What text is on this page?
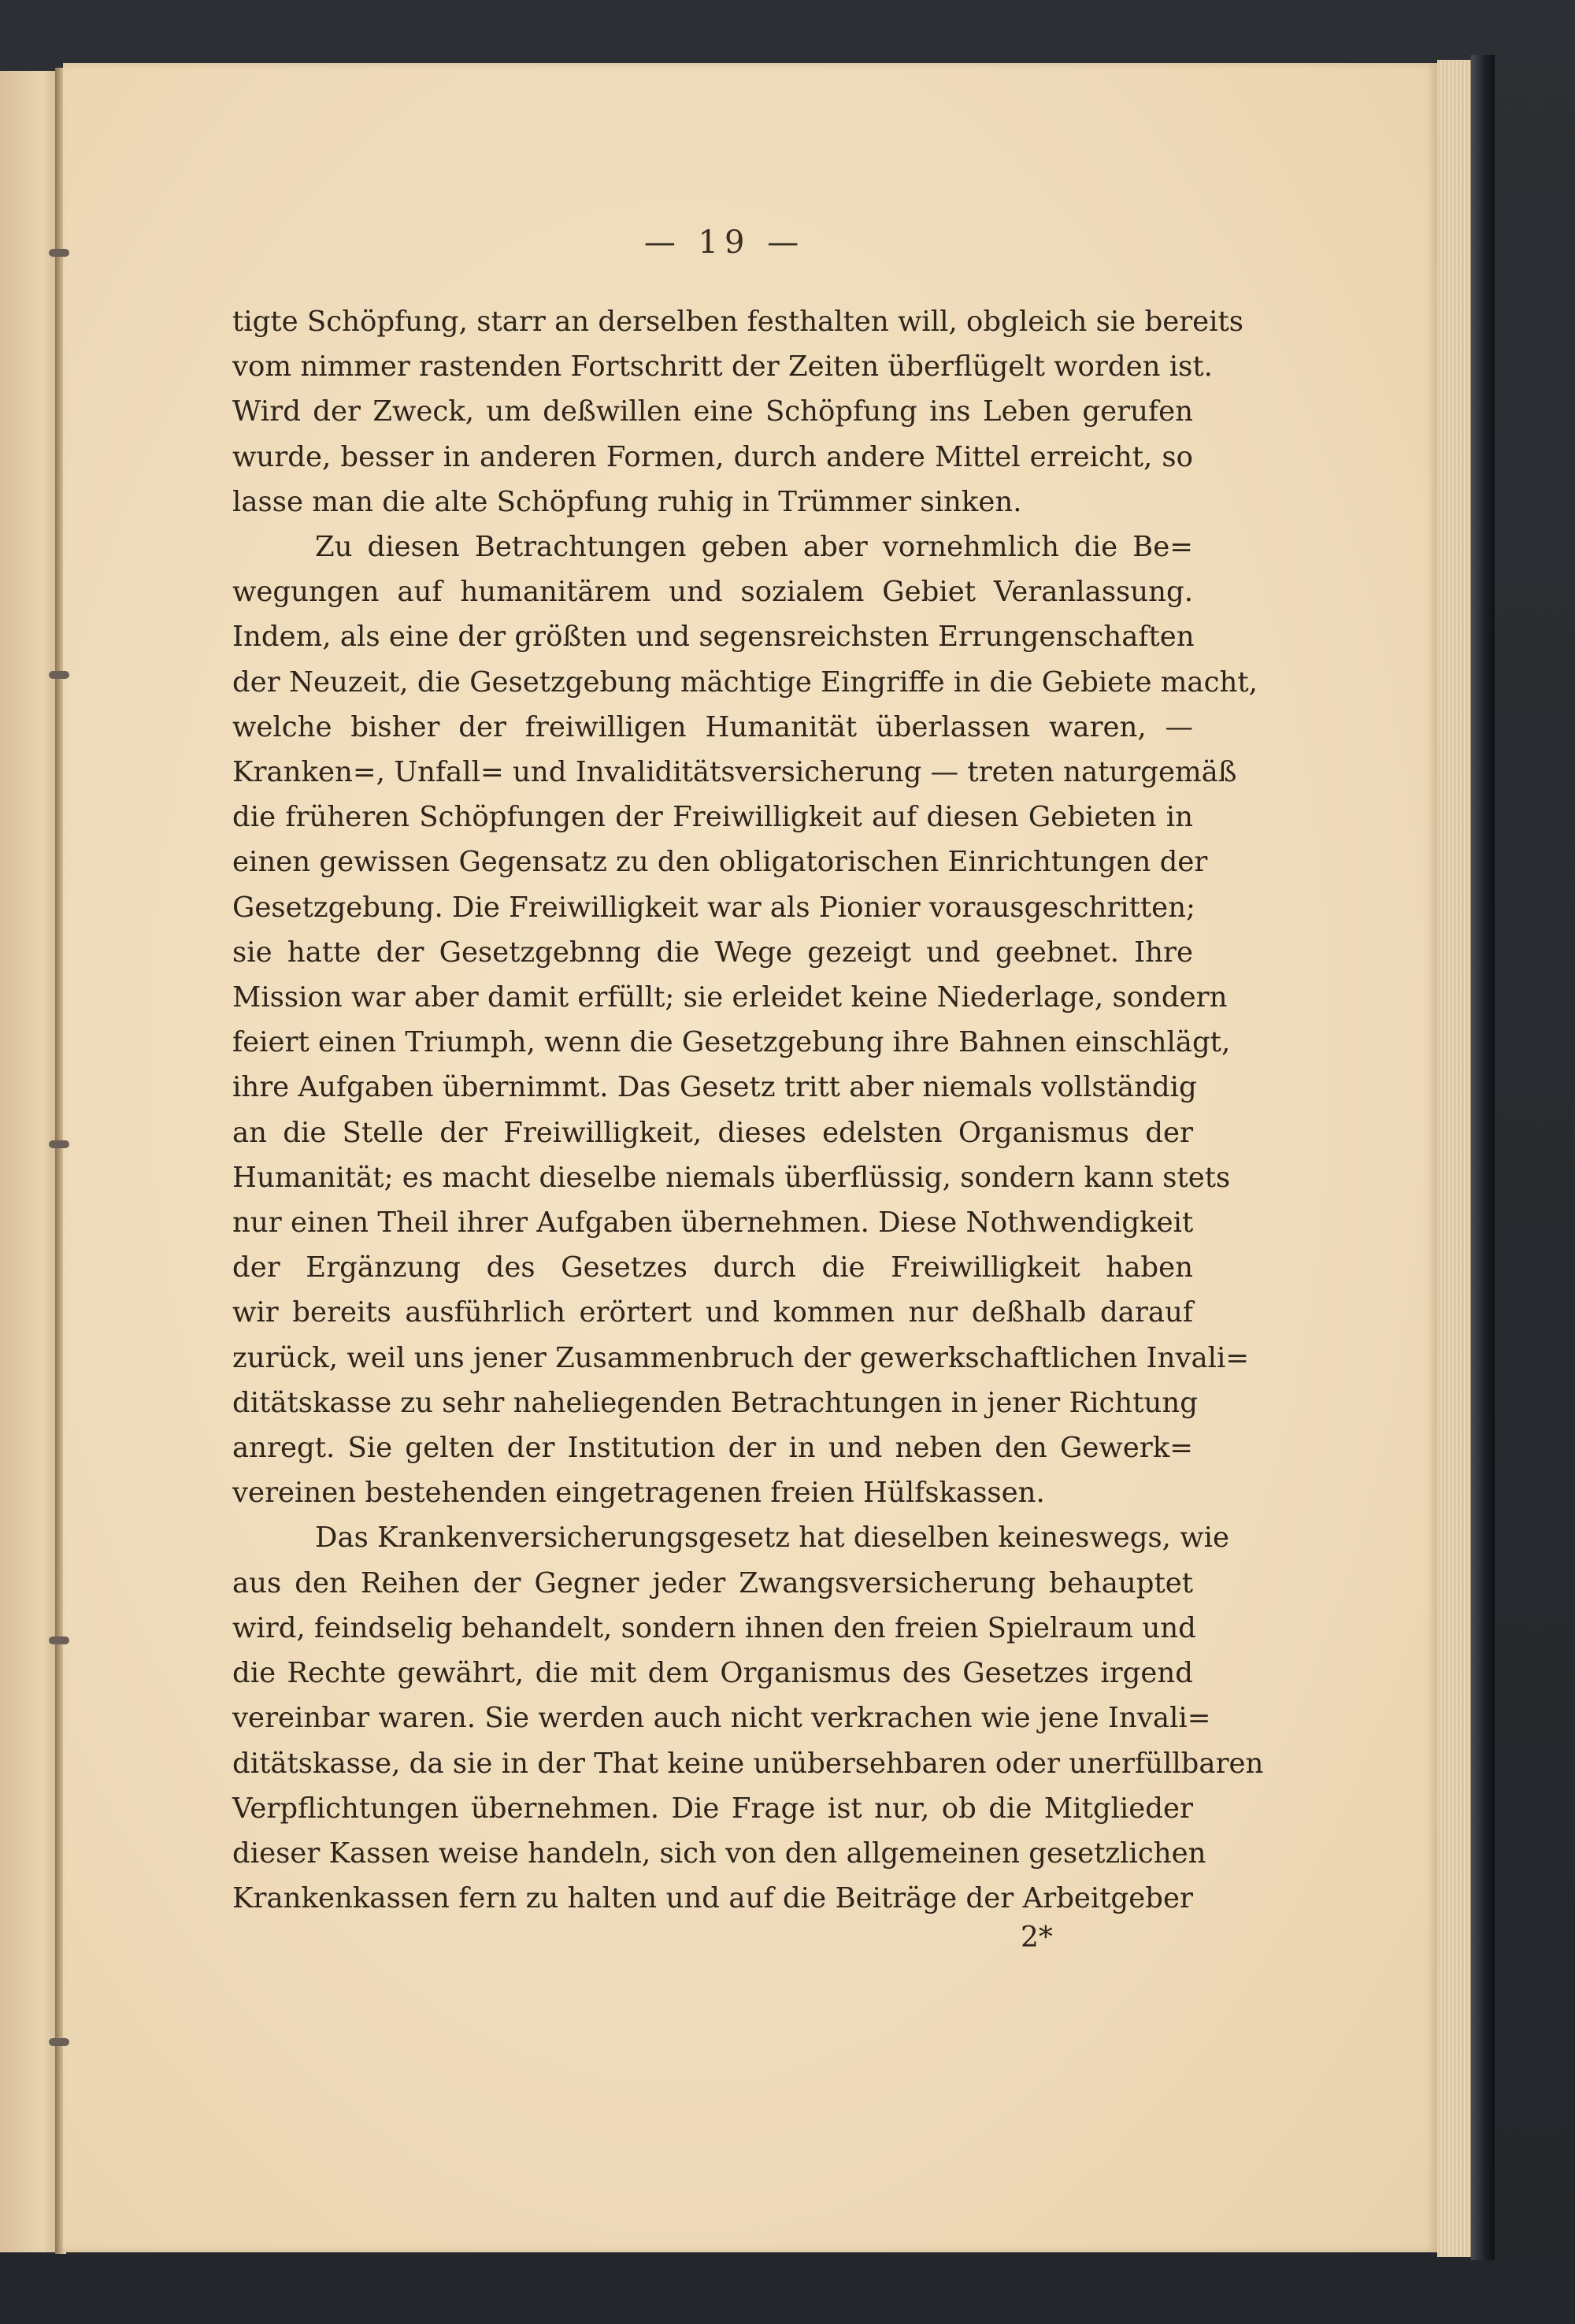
— 19 —
tigte Schöpfung, starr an derselben festhalten will, obgleich sie bereits
vom nimmer rastenden Fortschritt der Zeiten überflügelt worden ist.
Wird der Zweck, um deßwillen eine Schöpfung ins Leben gerufen
wurde, besser in anderen Formen, durch andere Mittel erreicht, so
lasse man die alte Schöpfung ruhig in Trümmer sinken.
Zu diesen Betrachtungen geben aber vornehmlich die Be=
wegungen auf humanitärem und sozialem Gebiet Veranlassung.
Indem, als eine der größten und segensreichsten Errungenschaften
der Neuzeit, die Gesetzgebung mächtige Eingriffe in die Gebiete macht,
welche bisher der freiwilligen Humanität überlassen waren, —
Kranken=, Unfall= und Invaliditätsversicherung — treten naturgemäß
die früheren Schöpfungen der Freiwilligkeit auf diesen Gebieten in
einen gewissen Gegensatz zu den obligatorischen Einrichtungen der
Gesetzgebung. Die Freiwilligkeit war als Pionier vorausgeschritten;
sie hatte der Gesetzgebnng die Wege gezeigt und geebnet. Ihre
Mission war aber damit erfüllt; sie erleidet keine Niederlage, sondern
feiert einen Triumph, wenn die Gesetzgebung ihre Bahnen einschlägt,
ihre Aufgaben übernimmt. Das Gesetz tritt aber niemals vollständig
an die Stelle der Freiwilligkeit, dieses edelsten Organismus der
Humanität; es macht dieselbe niemals überflüssig, sondern kann stets
nur einen Theil ihrer Aufgaben übernehmen. Diese Nothwendigkeit
der Ergänzung des Gesetzes durch die Freiwilligkeit haben
wir bereits ausführlich erörtert und kommen nur deßhalb darauf
zurück, weil uns jener Zusammenbruch der gewerkschaftlichen Invali=
ditätskasse zu sehr naheliegenden Betrachtungen in jener Richtung
anregt. Sie gelten der Institution der in und neben den Gewerk=
vereinen bestehenden eingetragenen freien Hülfskassen.
Das Krankenversicherungsgesetz hat dieselben keineswegs, wie
aus den Reihen der Gegner jeder Zwangsversicherung behauptet
wird, feindselig behandelt, sondern ihnen den freien Spielraum und
die Rechte gewährt, die mit dem Organismus des Gesetzes irgend
vereinbar waren. Sie werden auch nicht verkrachen wie jene Invali=
ditätskasse, da sie in der That keine unübersehbaren oder unerfüllbaren
Verpflichtungen übernehmen. Die Frage ist nur, ob die Mitglieder
dieser Kassen weise handeln, sich von den allgemeinen gesetzlichen
Krankenkassen fern zu halten und auf die Beiträge der Arbeitgeber
2*
